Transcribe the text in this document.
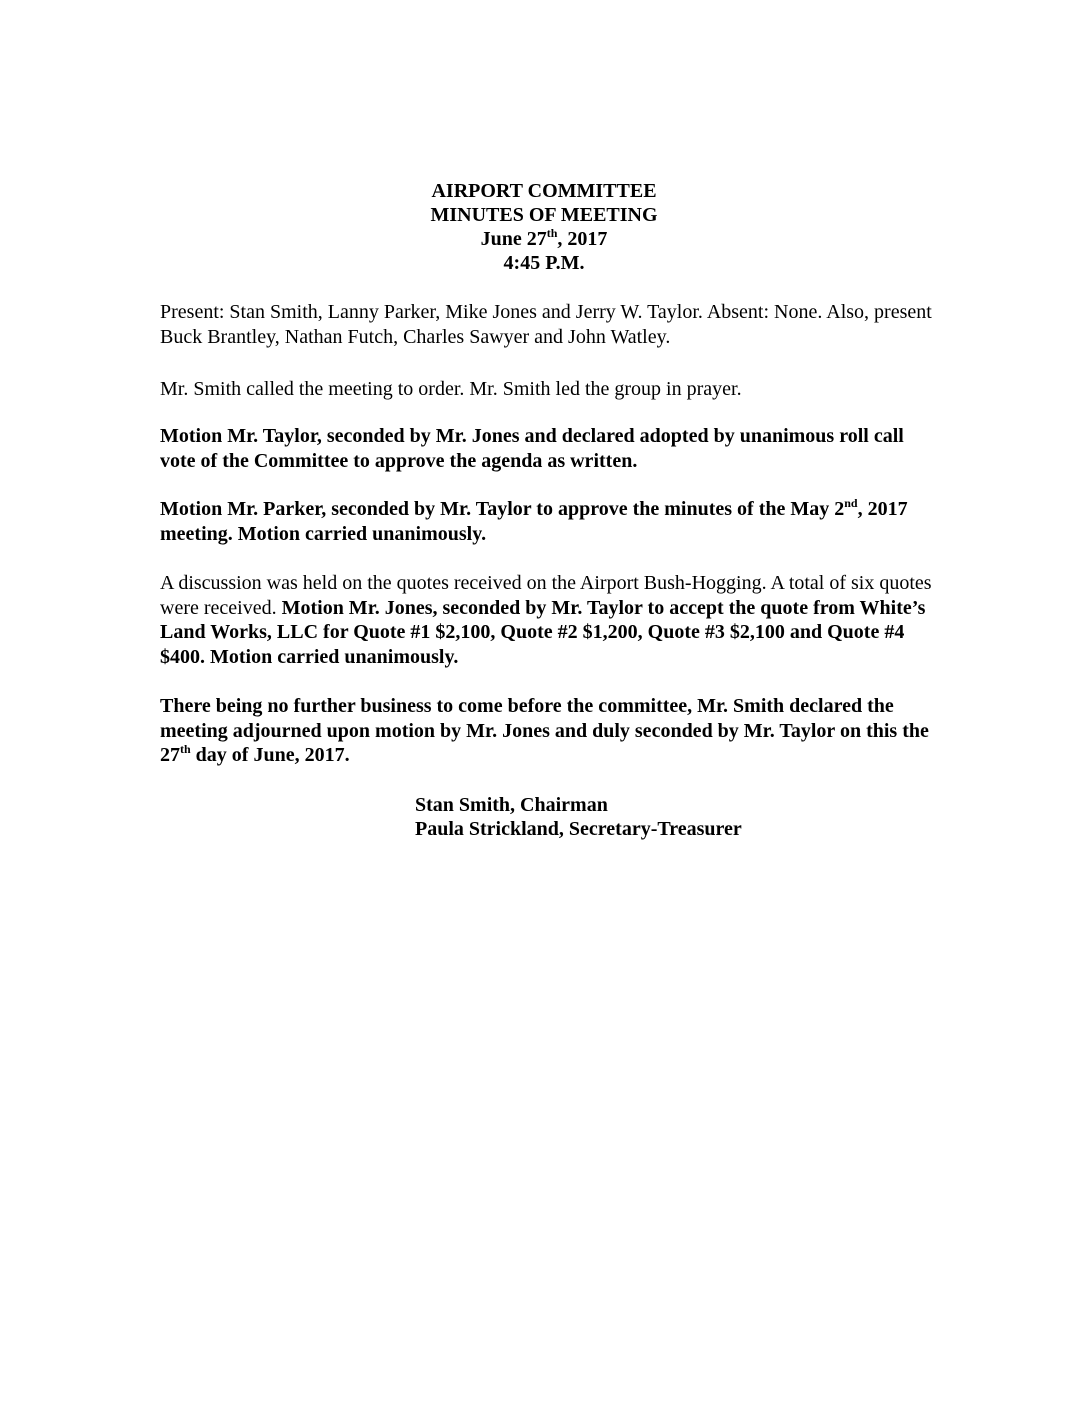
AIRPORT COMMITTEE
MINUTES OF MEETING
June 27th, 2017
4:45 P.M.

Present: Stan Smith, Lanny Parker, Mike Jones and Jerry W. Taylor. Absent: None. Also, present Buck Brantley, Nathan Futch, Charles Sawyer and John Watley.

Mr. Smith called the meeting to order. Mr. Smith led the group in prayer.

Motion Mr. Taylor, seconded by Mr. Jones and declared adopted by unanimous roll call vote of the Committee to approve the agenda as written.

Motion Mr. Parker, seconded by Mr. Taylor to approve the minutes of the May 2nd, 2017 meeting. Motion carried unanimously.

A discussion was held on the quotes received on the Airport Bush-Hogging. A total of six quotes were received. Motion Mr. Jones, seconded by Mr. Taylor to accept the quote from White’s Land Works, LLC for Quote #1 $2,100, Quote #2 $1,200, Quote #3 $2,100 and Quote #4 $400. Motion carried unanimously.

There being no further business to come before the committee, Mr. Smith declared the meeting adjourned upon motion by Mr. Jones and duly seconded by Mr. Taylor on this the 27th day of June, 2017.

Stan Smith, Chairman
Paula Strickland, Secretary-Treasurer
